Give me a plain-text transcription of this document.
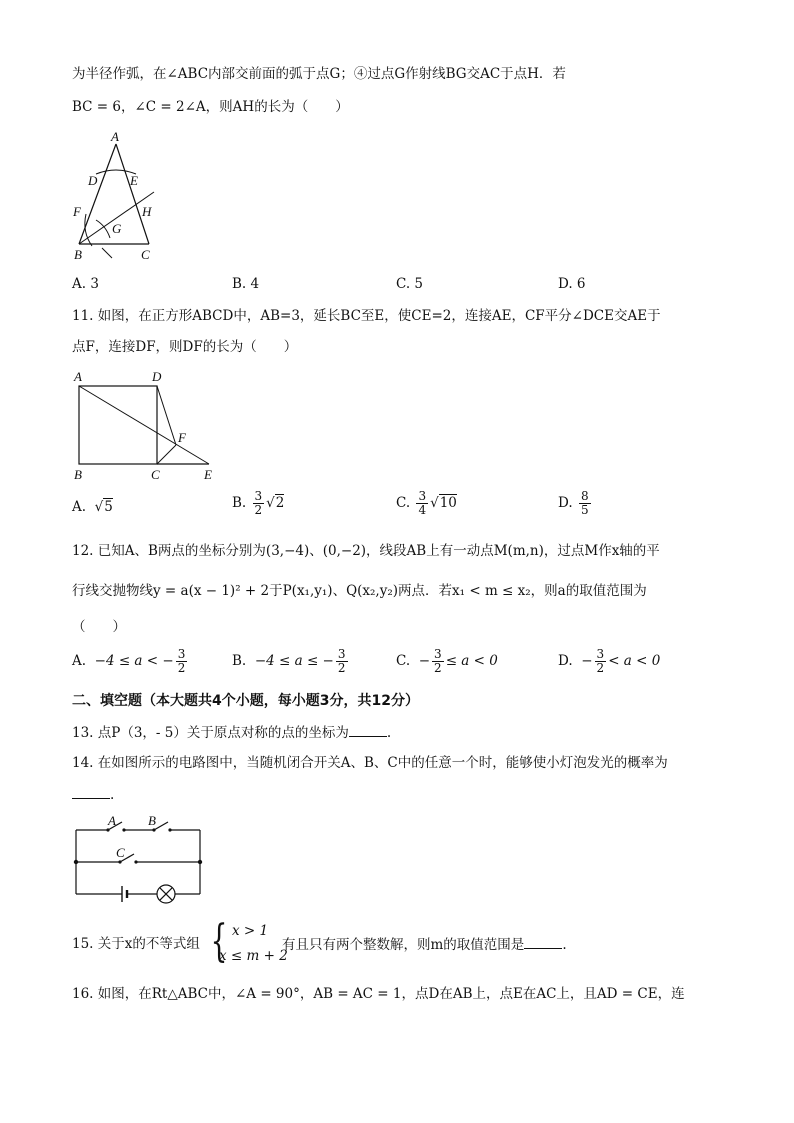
为半径作弧，在∠ABC内部交前面的弧于点G；④过点G作射线BG交AC于点H．若
BC = 6，∠C = 2∠A，则AH的长为（　　）
A
D	E
F	H
G
B	C
A. 3	B. 4	C. 5	D. 6
11. 如图，在正方形ABCD中，AB=3，延长BC至E，使CE=2，连接AE，CF平分∠DCE交AE于
点F，连接DF，则DF的长为（　　）
A	D
F
B	C	E
A.  √5	B. $\frac{3}{2} √2$	C. $\frac{3}{4} √10$	D. $\frac{8}{5}$
12. 已知A、B两点的坐标分别为(3,−4)、(0,−2)，线段AB上有一动点M(m,n)，过点M作x轴的平
行线交抛物线y = a(x − 1)² + 2于P(x₁,y₁)、Q(x₂,y₂)两点．若x₁ < m ≤ x₂，则a的取值范围为
（　　）
A. −4 ≤ a < − $\frac{3}{2}$	B. −4 ≤ a ≤ − $\frac{3}{2}$	C. − $\frac{3}{2} \le a < 0$	D. − $\frac{3}{2} < a < 0$
二、填空题（本大题共4个小题，每小题3分，共12分）
13. 点P（3，- 5）关于原点对称的点的坐标为	.
14. 在如图所示的电路图中，当随机闭合开关A、B、C中的任意一个时，能够使小灯泡发光的概率为
.
A B
C
15. 关于x的不等式组 { x > 1
x ≤ m + 2
有且只有两个整数解，则m的取值范围是	.
16. 如图，在Rt△ABC中，∠A = 90°，AB = AC = 1，点D在AB上，点E在AC上，且AD = CE，连
